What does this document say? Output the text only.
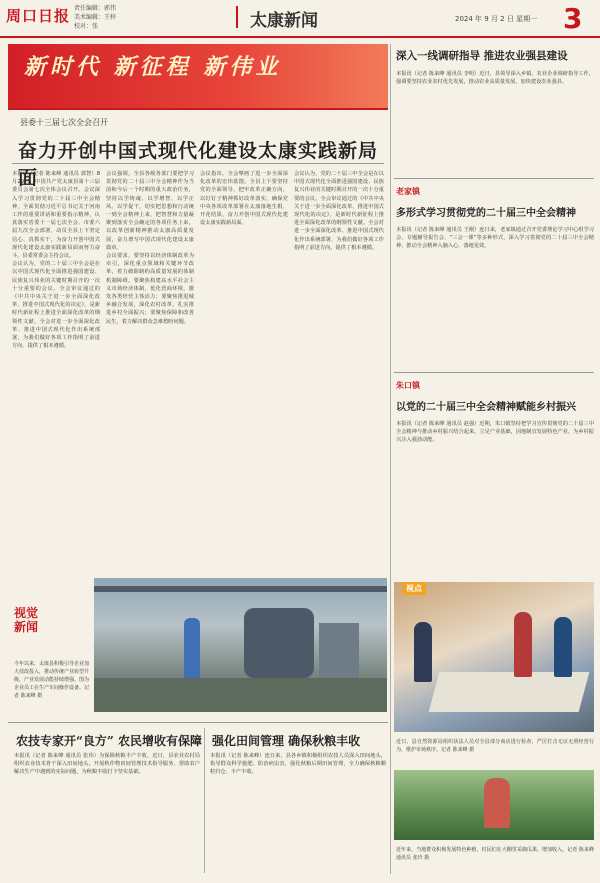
周口日报 责任编辑：郭伟
美术编辑：王梓
校对：张	太康新闻	2024 年 9 月 2 日 星期一 3
新时代 新征程 新伟业
县委十三届七次全会召开
奋力开创中国式现代化建设太康实践新局面

本报讯（记者 陈来峰 通讯员 郭智）8月29日，中国共产党太康县第十三届委员会第七次全体会议召开。会议深入学习贯彻党的二十届三中全会精神，全面贯彻习近平总书记关于河南工作的重要讲话和重要指示精神，认真落实省委十一届七次全会、市委六届九次全会部署，动员全县上下坚定信心、真抓实干，为奋力开创中国式现代化建设太康实践新局面而努力奋斗。县委常委会主持会议。

会议认为，党的二十届三中全会是在以中国式现代化全面推进强国建设、民族复兴伟业的关键时期召开的一次十分重要的会议。全会审议通过的《中共中央关于进一步全面深化改革、推进中国式现代化的决定》，是新时代新征程上推进全面深化改革的纲领性文献。全会对进一步全面深化改革、推进中国式现代化作出系统部署，为我们做好各项工作指明了前进方向、提供了根本遵循。

会议强调，全县各级各部门要把学习贯彻党的二十届三中全会精神作为当前和今后一个时期的重大政治任务，坚持以学铸魂、以学增智、以学正风、以学促干，切实把思想和行动统一到全会精神上来，把智慧和力量凝聚到落实全会确定的各项任务上来，以改革创新精神推动太康高质量发展，奋力谱写中国式现代化建设太康篇章。

会议要求，要坚持以经济体制改革为牵引，深化重点领域和关键环节改革，着力破除制约高质量发展的体制机制障碍。要聚焦构建高水平社会主义市场经济体制，优化营商环境，激发各类经营主体活力；要聚焦推进城乡融合发展，深化农村改革，扎实推进乡村全面振兴；要聚焦保障和改善民生，着力解决群众急难愁盼问题。

会议指出，全会擘画了进一步全面深化改革的宏伟蓝图。全县上下要坚持党的全面领导，把牢改革正确方向，以钉钉子精神抓好改革落实，确保党中央各项改革部署在太康落地生根、开花结果，奋力开创中国式现代化建设太康实践新局面。

会议认为，党的二十届三中全会是在以中国式现代化全面推进强国建设、民族复兴伟业的关键时期召开的一次十分重要的会议。全会审议通过的《中共中央关于进一步全面深化改革、推进中国式现代化的决定》，是新时代新征程上推进全面深化改革的纲领性文献。全会对进一步全面深化改革、推进中国式现代化作出系统部署，为我们做好各项工作指明了前进方向、提供了根本遵循。

视觉
新闻
今年以来，太康县积极引导企业加大技改投入，推动传统产业转型升级，产业发展动能持续增强。图为企业员工在生产车间操作设备。记者 陈来峰 摄
农技专家开“良方” 农民增收有保障

本报讯（记者 陈来峰 通讯员 张伟）为保障秋粮丰产丰收，近日，县农业农村局组织农业技术骨干深入田间地头，开展秋作物田间管理技术指导服务，帮助农户解决生产中遇到的实际问题，为秋粮丰收打下坚实基础。

强化田间管理 确保秋粮丰收

本报讯（记者 陈来峰）连日来，县各乡镇积极组织农技人员深入田间地头，指导群众科学施肥、防治病虫害，强化秋粮后期田间管理，全力确保秋粮颗粒归仓、丰产丰收。

深入一线调研指导 推进农业强县建设

本报讯（记者 陈来峰 通讯员 李明）近日，县领导深入乡镇、农业企业调研指导工作，强调要坚持农业农村优先发展，推动农业高质量发展，加快建设农业强县。

老家镇
多形式学习贯彻党的二十届三中全会精神

本报讯（记者 陈来峰 通讯员 王刚）连日来，老家镇通过召开党委理论学习中心组学习会、专题辅导报告会、“三会一课”等多种形式，深入学习贯彻党的二十届三中全会精神，推动全会精神入脑入心、落地见效。

朱口镇
以党的二十届三中全会精神赋能乡村振兴

本报讯（记者 陈来峰 通讯员 赵强）近期，朱口镇坚持把学习宣传贯彻党的二十届三中全会精神与推动乡村振兴结合起来，立足产业基础，因地制宜发展特色产业，为乡村振兴注入强劲动能。

视点
近日，县自然资源局组织执法人员对全县部分商店进行检查，严厉打击无证无照经营行为，维护市场秩序。记者 陈来峰 摄
近年来，当地群众积极发展特色种植，村民们在大棚里采摘瓜果，增加收入。记者 陈来峰 通讯员 张玲 摄
